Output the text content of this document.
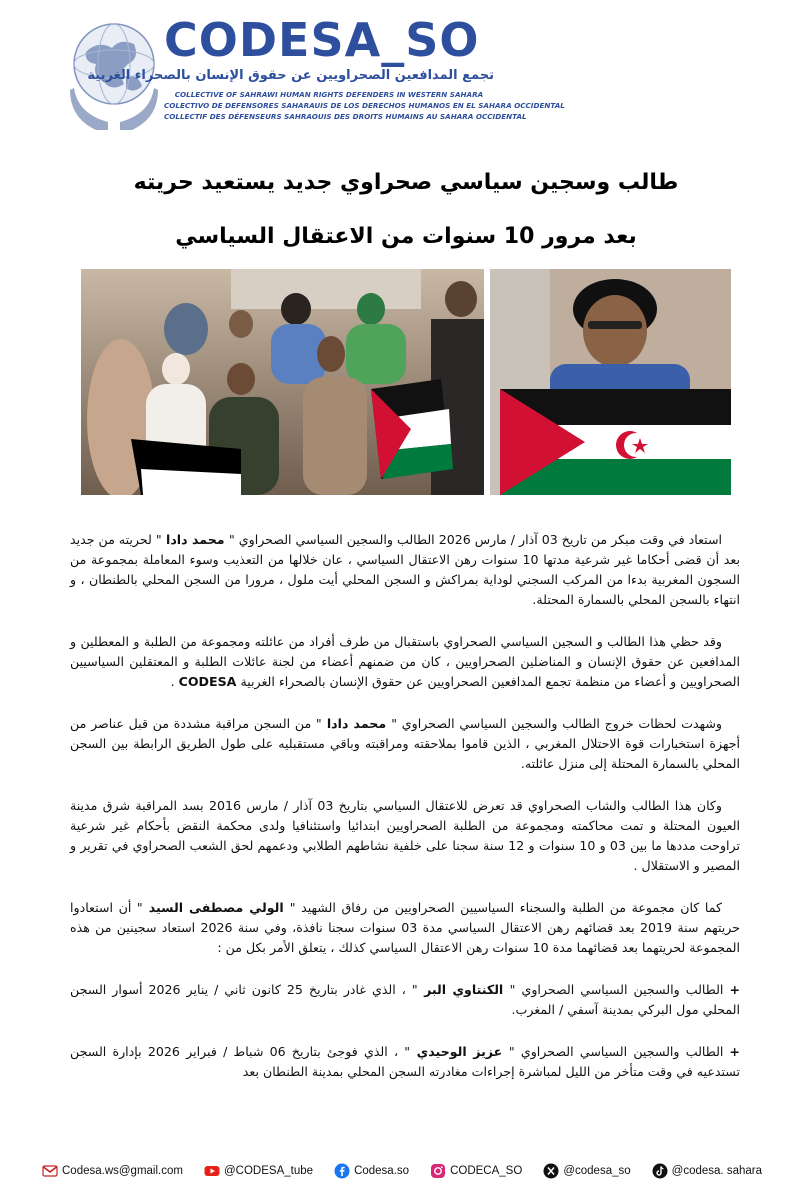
CODESA_SO
تجمع المدافعين الصحراويين عن حقوق الإنسان بالصحراء الغربية
COLLECTIVE OF SAHRAWI HUMAN RIGHTS DEFENDERS IN WESTERN SAHARA
COLECTIVO DE DEFENSORES SAHARAUIS DE LOS DERECHOS HUMANOS EN EL SAHARA OCCIDENTAL
COLLECTIF DES DÉFENSEURS SAHRAOUIS DES DROITS HUMAINS AU SAHARA OCCIDENTAL
طالب وسجين سياسي صحراوي جديد يستعيد حريته
بعد مرور 10 سنوات من الاعتقال السياسي

استعاد في وقت مبكر من تاريخ 03 آذار / مارس 2026 الطالب والسجين السياسي الصحراوي " محمد دادا " لحريته من جديد بعد أن قضى أحكاما غير شرعية مدتها 10 سنوات رهن الاعتقال السياسي ، عان خلالها من التعذيب وسوء المعاملة بمجموعة من السجون المغربية بدءا من المركب السجني لوداية بمراكش و السجن المحلي أيت ملول ، مرورا من السجن المحلي بالطنطان ، و انتهاء بالسجن المحلي بالسمارة المحتلة.

وقد حظي هذا الطالب و السجين السياسي الصحراوي باستقبال من طرف أفراد من عائلته ومجموعة من الطلبة و المعطلين و المدافعين عن حقوق الإنسان و المناضلين الصحراويين ، كان من ضمنهم أعضاء من لجنة عائلات الطلبة و المعتقلين السياسيين الصحراويين و أعضاء من منظمة تجمع المدافعين الصحراويين عن حقوق الإنسان بالصحراء الغربية CODESA .

وشهدت لحظات خروج الطالب والسجين السياسي الصحراوي " محمد دادا " من السجن مراقبة مشددة من قبل عناصر من أجهزة استخبارات قوة الاحتلال المغربي ، الذين قاموا بملاحقته ومراقبته وباقي مستقبليه على طول الطريق الرابطة بين السجن المحلي بالسمارة المحتلة إلى منزل عائلته.

وكان هذا الطالب والشاب الصحراوي قد تعرض للاعتقال السياسي بتاريخ 03 آذار / مارس 2016 بسد المراقبة شرق مدينة العيون المحتلة و تمت محاكمته ومجموعة من الطلبة الصحراويين ابتدائيا واستئنافيا ولدى محكمة النقض بأحكام غير شرعية تراوحت مددها ما بين 03 و 10 سنوات و 12 سنة سجنا على خلفية نشاطهم الطلابي ودعمهم لحق الشعب الصحراوي في تقرير و المصير و الاستقلال .

كما كان مجموعة من الطلبة والسجناء السياسيين الصحراويين من رفاق الشهيد " الولي مصطفى السيد " أن استعادوا حريتهم سنة 2019 بعد قضائهم رهن الاعتقال السياسي مدة 03 سنوات سجنا نافذة، وفي سنة 2026 استعاد سجينين من هذه المجموعة لحريتهما بعد قضائهما مدة 10 سنوات رهن الاعتقال السياسي كذلك ، يتعلق الأمر بكل من :

+الطالب والسجين السياسي الصحراوي " الكنتاوي البر " ، الذي غادر بتاريخ 25 كانون ثاني / يناير 2026 أسوار السجن المحلي مول البركي بمدينة آسفي / المغرب.

+الطالب والسجين السياسي الصحراوي " عزيز الوحيدي " ، الذي فوجئ بتاريخ 06 شباط / فبراير 2026 بإدارة السجن تستدعيه في وقت متأخر من الليل لمباشرة إجراءات مغادرته السجن المحلي بمدينة الطنطان بعد

Codesa.ws@gmail.com	@CODESA_tube	Codesa.so	CODECA_SO	@codesa_so	@codesa. sahara
